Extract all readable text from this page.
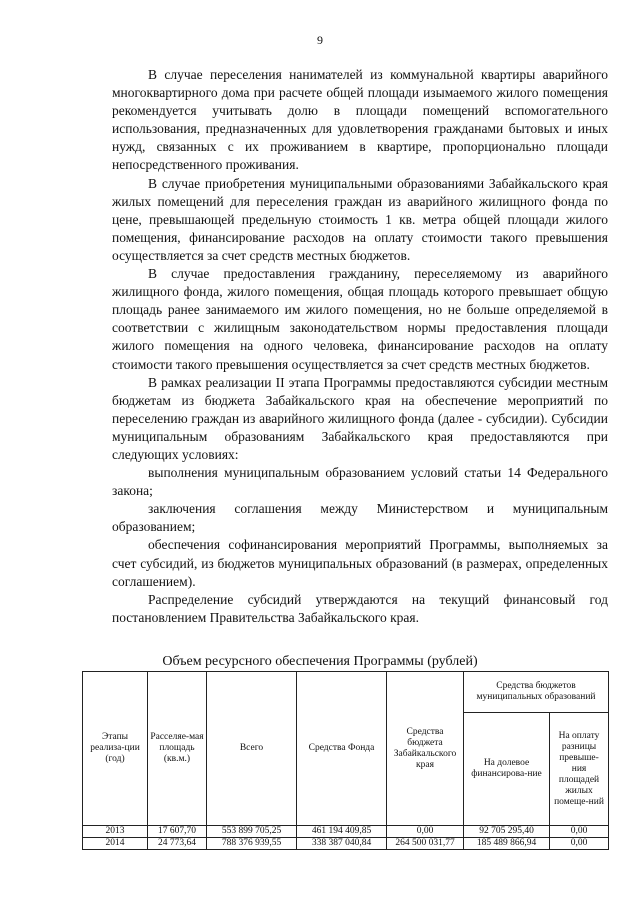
9

В случае переселения нанимателей из коммунальной квартиры аварийного многоквартирного дома при расчете общей площади изымаемого жилого помещения рекомендуется учитывать долю в площади помещений вспомогательного использования, предназначенных для удовлетворения гражданами бытовых и иных нужд, связанных с их проживанием в квартире, пропорционально площади непосредственного проживания.

В случае приобретения муниципальными образованиями Забайкальского края жилых помещений для переселения граждан из аварийного жилищного фонда по цене, превышающей предельную стоимость 1 кв. метра общей площади жилого помещения, финансирование расходов на оплату стоимости такого превышения осуществляется за счет средств местных бюджетов.

В случае предоставления гражданину, переселяемому из аварийного жилищного фонда, жилого помещения, общая площадь которого превышает общую площадь ранее занимаемого им жилого помещения, но не больше определяемой в соответствии с жилищным законодательством нормы предоставления площади жилого помещения на одного человека, финансирование расходов на оплату стоимости такого превышения осуществляется за счет средств местных бюджетов.

В рамках реализации II этапа Программы предоставляются субсидии местным бюджетам из бюджета Забайкальского края на обеспечение мероприятий по переселению граждан из аварийного жилищного фонда (далее - субсидии). Субсидии муниципальным образованиям Забайкальского края предоставляются при следующих условиях:

выполнения муниципальным образованием условий статьи 14 Федерального закона;

заключения соглашения между Министерством и муниципальным образованием;

обеспечения софинансирования мероприятий Программы, выполняемых за счет субсидий, из бюджетов муниципальных образований (в размерах, определенных соглашением).

Распределение субсидий утверждаются на текущий финансовый год постановлением Правительства Забайкальского края.

Объем ресурсного обеспечения Программы (рублей)
Этапы реализа-ции (год)	Расселяе-мая площадь (кв.м.)	Всего	Средства Фонда	Средства бюджета Забайкальского края	Средства бюджетов муниципальных образований	
					На долевое финансирова-ние	На оплату разницы превыше-ния площадей жилых помеще-ний
2013	17 607,70	553 899 705,25	461 194 409,85	0,00	92 705 295,40	0,00
2014	24 773,64	788 376 939,55	338 387 040,84	264 500 031,77	185 489 866,94	0,00
